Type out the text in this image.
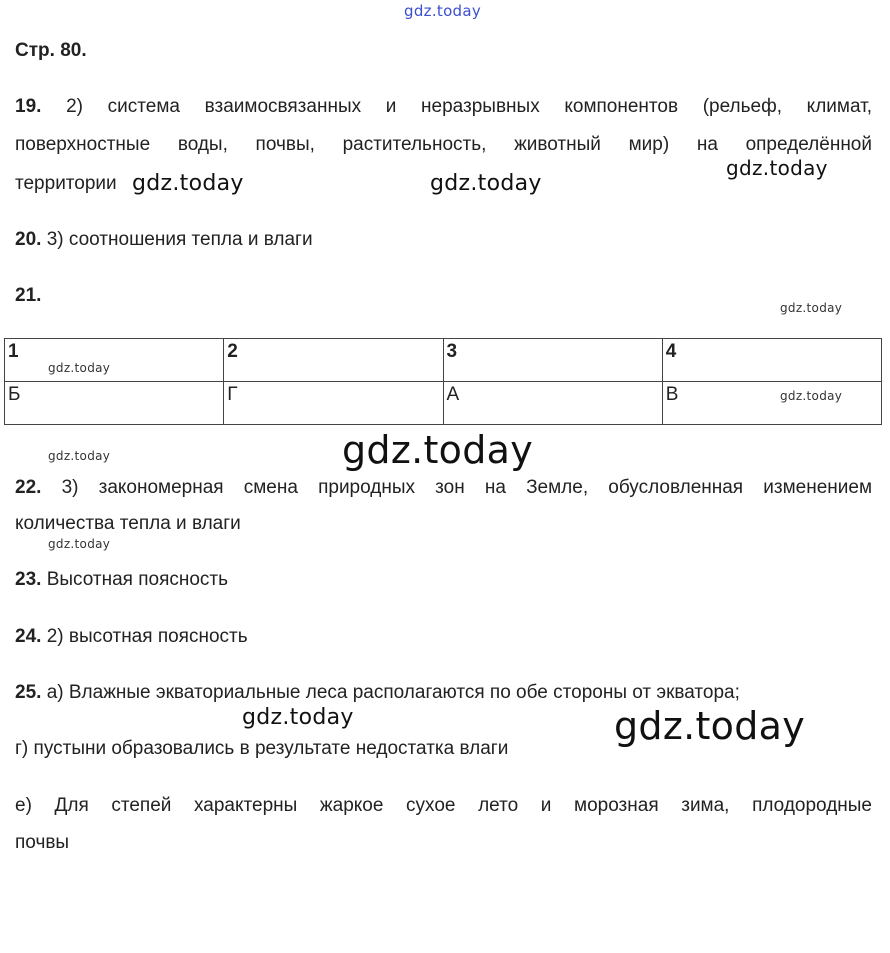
gdz.today
gdz.today	gdz.today
gdz.today
gdz.today
gdz.today	gdz.today
gdz.today
gdz.today	gdz.today
Стр. 80.
19. 2) система взаимосвязанных и неразрывных компонентов (рельеф, климат,
поверхностные воды, почвы, растительность, животный мир) на определённой
территории
20. 3) соотношения тепла и влаги
21.
1	2	3	4
Б	Г	А	В
gdz.today
gdz.today
22. 3) закономерная смена природных зон на Земле, обусловленная изменением
количества тепла и влаги
23. Высотная поясность
24. 2) высотная поясность
25. а) Влажные экваториальные леса располагаются по обе стороны от экватора;
г) пустыни образовались в результате недостатка влаги
е) Для степей характерны жаркое сухое лето и морозная зима, плодородные
почвы
